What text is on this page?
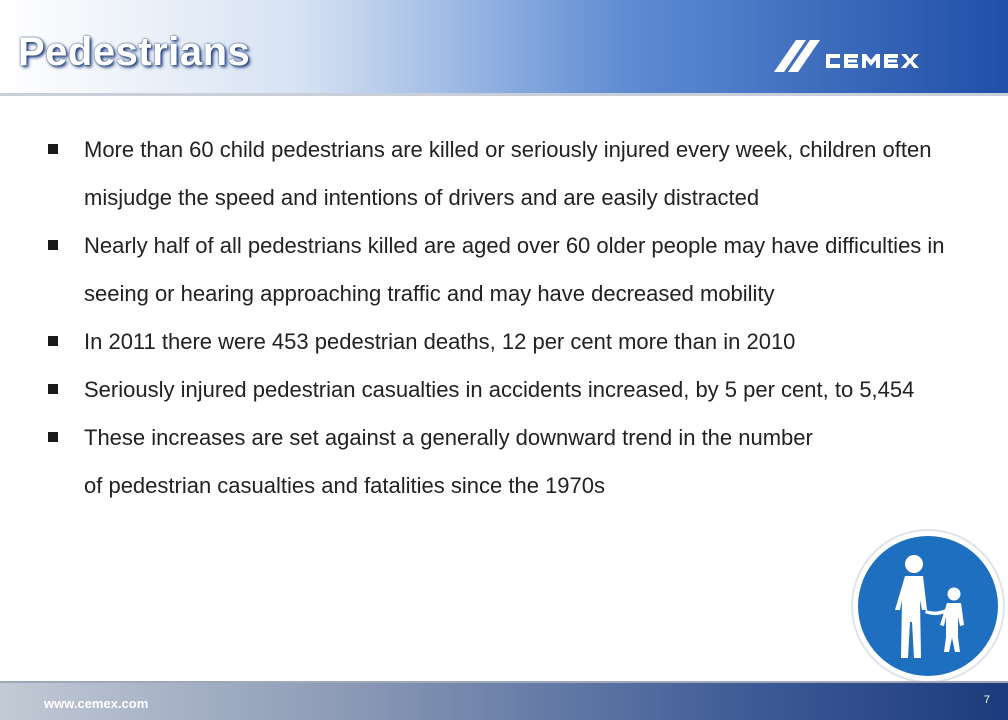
Pedestrians
More than 60 child pedestrians are killed or seriously injured every week, children often misjudge the speed and intentions of drivers and are easily distracted
Nearly half of all pedestrians killed are aged over 60 older people may have difficulties in seeing or hearing approaching traffic and may have decreased mobility
In 2011 there were 453 pedestrian deaths, 12 per cent more than in 2010
Seriously injured pedestrian casualties in accidents increased, by 5 per cent, to 5,454
These increases are set against a generally downward trend in the number of pedestrian casualties and fatalities since the 1970s
www.cemex.com	7
